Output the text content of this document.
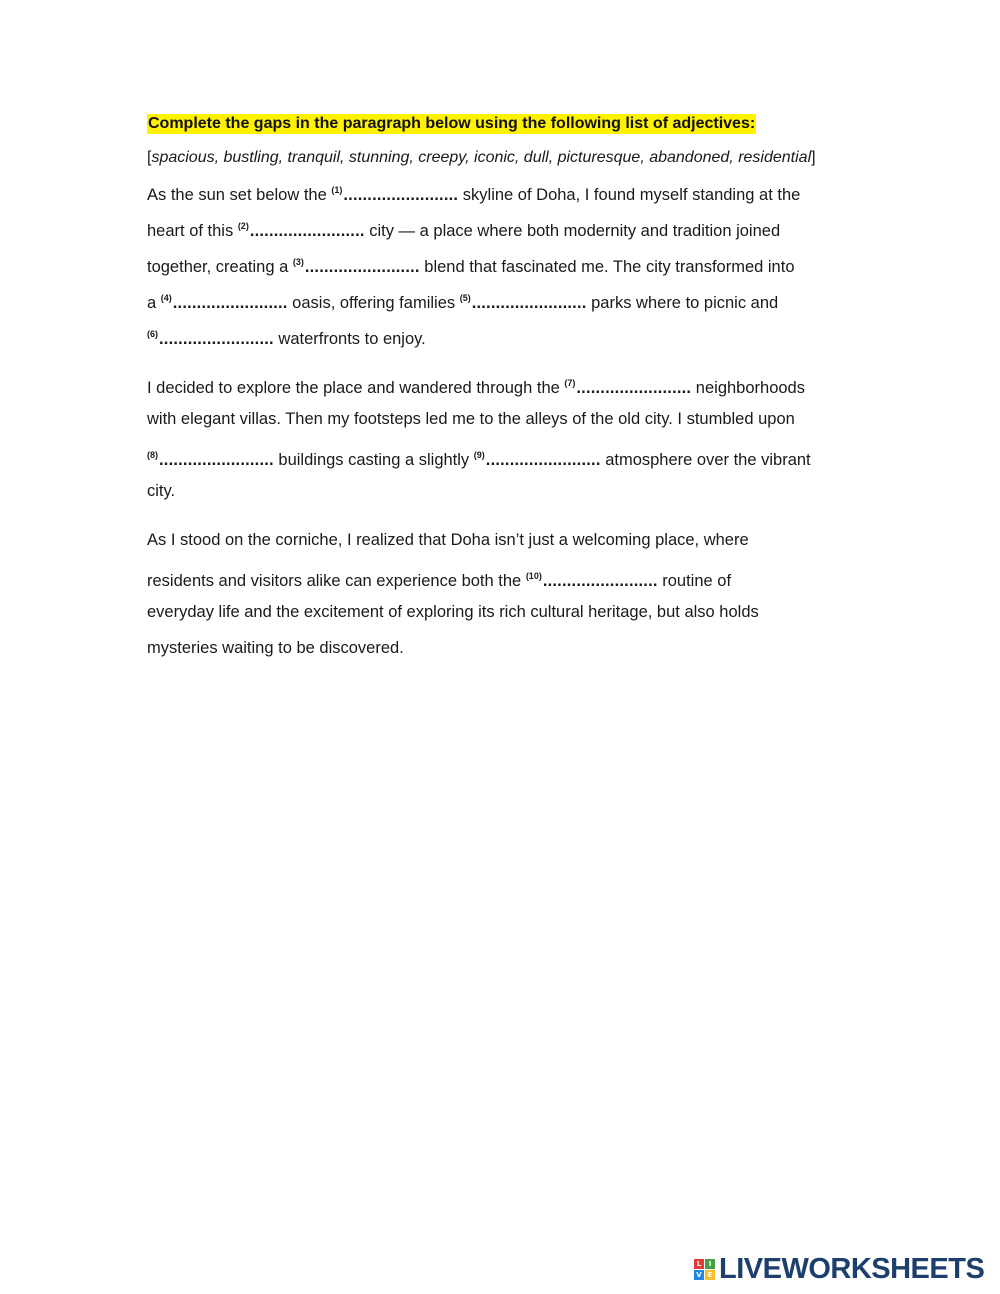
Complete the gaps in the paragraph below using the following list of adjectives:
[spacious, bustling, tranquil, stunning, creepy, iconic, dull, picturesque, abandoned, residential]
As the sun set below the $^{(1)}$........................ skyline of Doha, I found myself standing at the
heart of this $^{(2)}$........................ city — a place where both modernity and tradition joined
together, creating a $^{(3)}$........................ blend that fascinated me. The city transformed into
a $^{(4)}$........................ oasis, offering families $^{(5)}$........................ parks where to picnic and
$^{(6)}$........................ waterfronts to enjoy.
I decided to explore the place and wandered through the $^{(7)}$........................ neighborhoods
with elegant villas. Then my footsteps led me to the alleys of the old city. I stumbled upon
$^{(8)}$........................ buildings casting a slightly $^{(9)}$........................ atmosphere over the vibrant
city.
As I stood on the corniche, I realized that Doha isn’t just a welcoming place, where
residents and visitors alike can experience both the $^{(10)}$........................ routine of
everyday life and the excitement of exploring its rich cultural heritage, but also holds
mysteries waiting to be discovered.
L	I
V E LIVEWORKSHEETS
